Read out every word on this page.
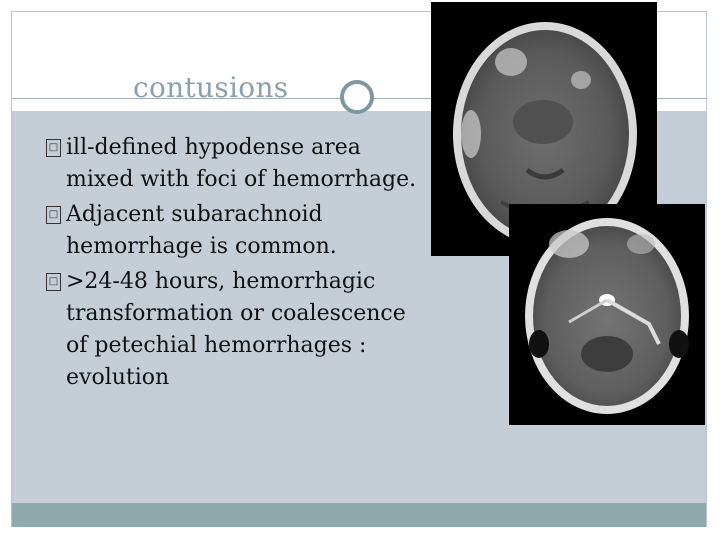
contusions
□ ill-defined hypodense area
mixed with foci of hemorrhage.
□ Adjacent subarachnoid
hemorrhage is common.
□ >24-48 hours, hemorrhagic
transformation or coalescence
of petechial hemorrhages :
evolution
